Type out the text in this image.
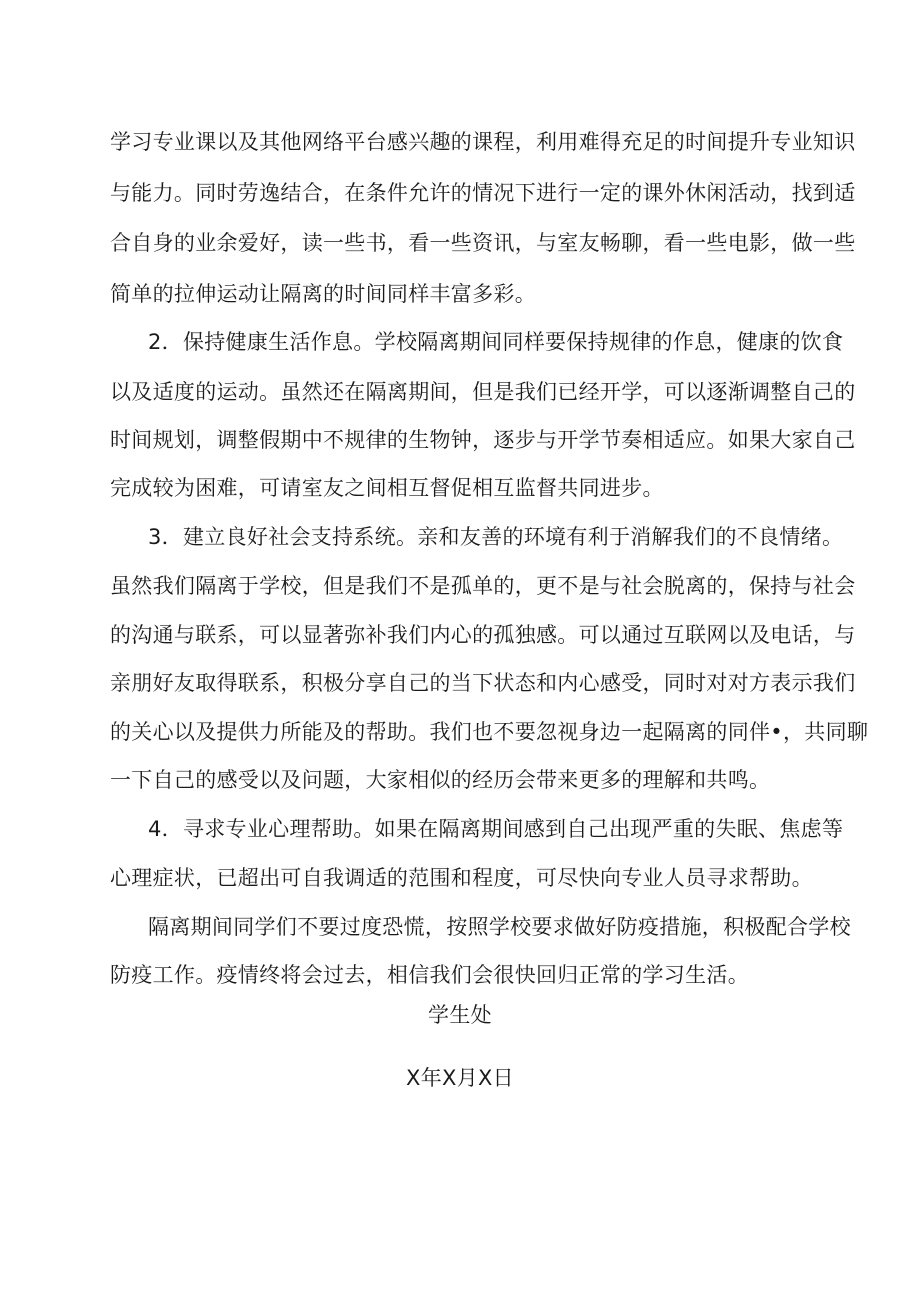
学习专业课以及其他网络平台感兴趣的课程，利用难得充足的时间提升专业知识
与能力。同时劳逸结合，在条件允许的情况下进行一定的课外休闲活动，找到适
合自身的业余爱好，读一些书，看一些资讯，与室友畅聊，看一些电影，做一些
简单的拉伸运动让隔离的时间同样丰富多彩。
2．保持健康生活作息。学校隔离期间同样要保持规律的作息，健康的饮食
以及适度的运动。虽然还在隔离期间，但是我们已经开学，可以逐渐调整自己的
时间规划，调整假期中不规律的生物钟，逐步与开学节奏相适应。如果大家自己
完成较为困难，可请室友之间相互督促相互监督共同进步。
3．建立良好社会支持系统。亲和友善的环境有利于消解我们的不良情绪。
虽然我们隔离于学校，但是我们不是孤单的，更不是与社会脱离的，保持与社会
的沟通与联系，可以显著弥补我们内心的孤独感。可以通过互联网以及电话，与
亲朋好友取得联系，积极分享自己的当下状态和内心感受，同时对对方表示我们
的关心以及提供力所能及的帮助。我们也不要忽视身边一起隔离的同伴•，共同聊
一下自己的感受以及问题，大家相似的经历会带来更多的理解和共鸣。
4．寻求专业心理帮助。如果在隔离期间感到自己出现严重的失眠、焦虑等
心理症状，已超出可自我调适的范围和程度，可尽快向专业人员寻求帮助。
隔离期间同学们不要过度恐慌，按照学校要求做好防疫措施，积极配合学校
防疫工作。疫情终将会过去，相信我们会很快回归正常的学习生活。
学生处
X年X月X日
